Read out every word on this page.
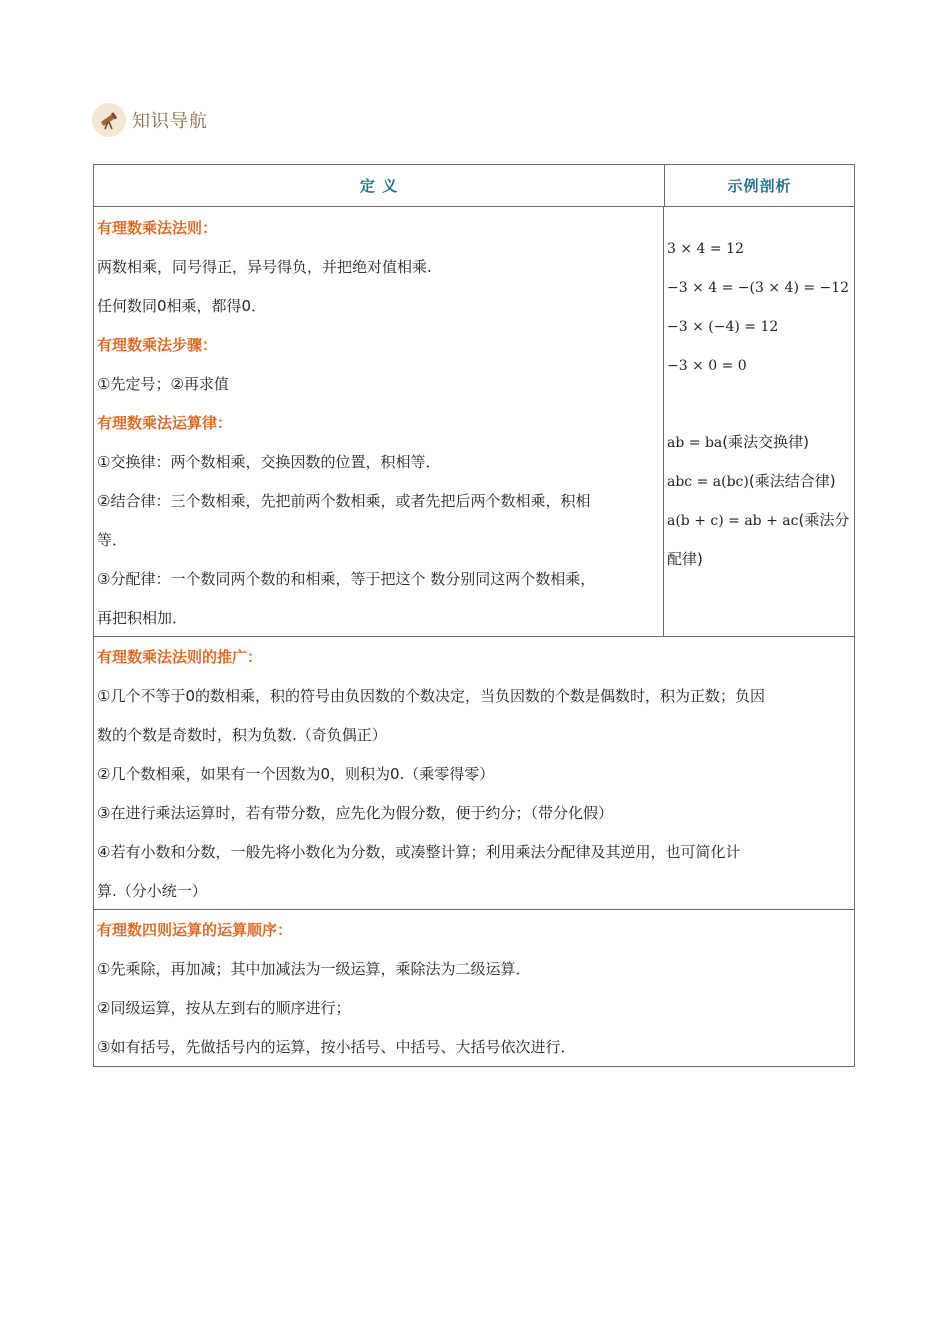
知识导航
定 义	示例剖析
有理数乘法法则：
两数相乘，同号得正，异号得负，并把绝对值相乘.
任何数同0相乘，都得0．
有理数乘法步骤：
①先定号；②再求值
有理数乘法运算律：
①交换律：两个数相乘，交换因数的位置，积相等．
②结合律：三个数相乘，先把前两个数相乘，或者先把后两个数相乘，积相
等．
③分配律：一个数同两个数的和相乘，等于把这个 数分别同这两个数相乘，
再把积相加．
3 × 4 = 12
−3 × 4 = −(3 × 4) = −12
−3 × (−4) = 12
−3 × 0 = 0
ab = ba(乘法交换律)
abc = a(bc)(乘法结合律)
a(b + c) = ab + ac(乘法分
配律)
有理数乘法法则的推广：
①几个不等于0的数相乘，积的符号由负因数的个数决定，当负因数的个数是偶数时，积为正数；负因
数的个数是奇数时，积为负数.（奇负偶正）
②几个数相乘，如果有一个因数为0，则积为0.（乘零得零）
③在进行乘法运算时，若有带分数，应先化为假分数，便于约分；（带分化假）
④若有小数和分数，一般先将小数化为分数，或凑整计算；利用乘法分配律及其逆用，也可简化计
算.（分小统一）
有理数四则运算的运算顺序：
①先乘除，再加减；其中加减法为一级运算，乘除法为二级运算．
②同级运算，按从左到右的顺序进行；
③如有括号，先做括号内的运算，按小括号、中括号、大括号依次进行．
